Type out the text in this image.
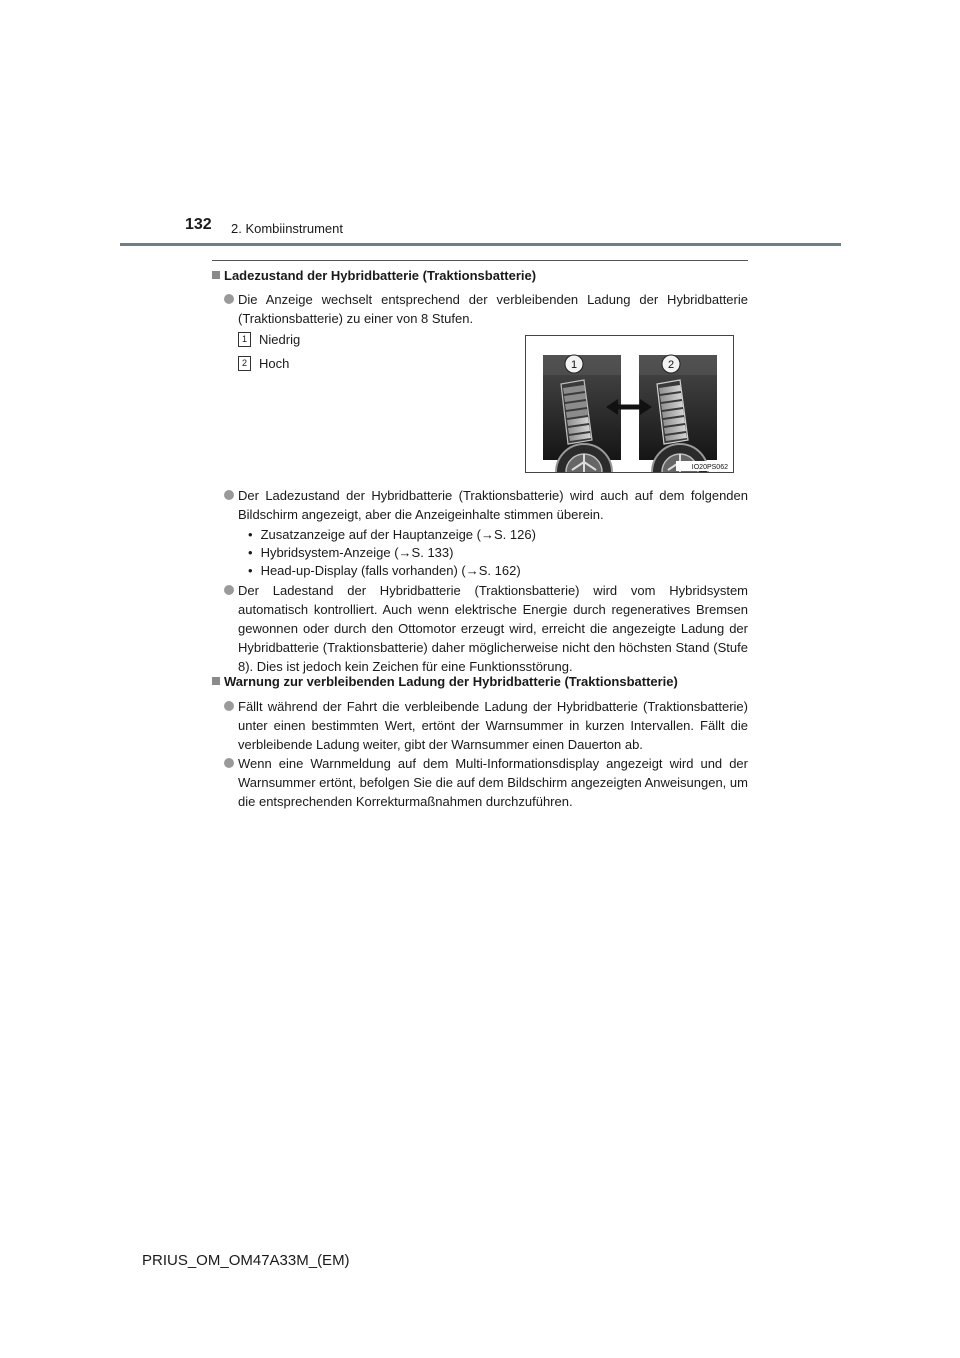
132 2. Kombiinstrument
Ladezustand der Hybridbatterie (Traktionsbatterie)

Die Anzeige wechselt entsprechend der verbleibenden Ladung der Hybridbatterie (Traktionsbatterie) zu einer von 8 Stufen.

1 Niedrig
2 Hoch	1	2
IO20PS062

Der Ladezustand der Hybridbatterie (Traktionsbatterie) wird auch auf dem folgenden Bildschirm angezeigt, aber die Anzeigeinhalte stimmen überein.

• Zusatzanzeige auf der Hauptanzeige (→S. 126)
• Hybridsystem-Anzeige (→S. 133)
• Head-up-Display (falls vorhanden) (→S. 162)

Der Ladestand der Hybridbatterie (Traktionsbatterie) wird vom Hybridsystem automatisch kontrolliert. Auch wenn elektrische Energie durch regeneratives Bremsen gewonnen oder durch den Ottomotor erzeugt wird, erreicht die angezeigte Ladung der Hybridbatterie (Traktionsbatterie) daher möglicherweise nicht den höchsten Stand (Stufe 8). Dies ist jedoch kein Zeichen für eine Funktionsstörung.

Warnung zur verbleibenden Ladung der Hybridbatterie (Traktionsbatterie)

Fällt während der Fahrt die verbleibende Ladung der Hybridbatterie (Traktionsbatterie) unter einen bestimmten Wert, ertönt der Warnsummer in kurzen Intervallen. Fällt die verbleibende Ladung weiter, gibt der Warnsummer einen Dauerton ab.

Wenn eine Warnmeldung auf dem Multi-Informationsdisplay angezeigt wird und der Warnsummer ertönt, befolgen Sie die auf dem Bildschirm angezeigten Anweisungen, um die entsprechenden Korrekturmaßnahmen durchzuführen.

PRIUS_OM_OM47A33M_(EM)
